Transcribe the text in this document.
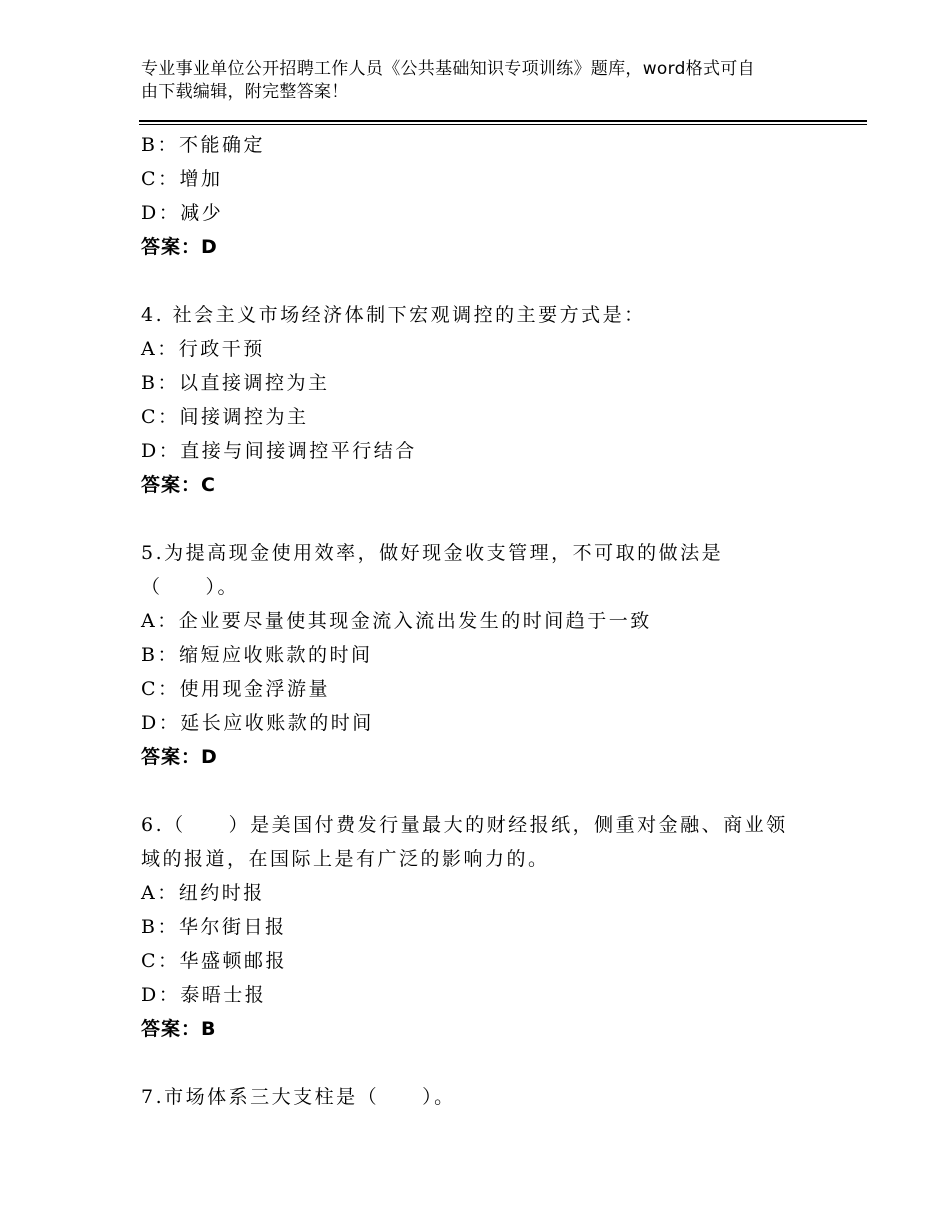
专业事业单位公开招聘工作人员《公共基础知识专项训练》题库，word格式可自
由下载编辑，附完整答案！
B：不能确定
C：增加
D：减少
答案：D
4. 社会主义市场经济体制下宏观调控的主要方式是：
A：行政干预
B：以直接调控为主
C：间接调控为主
D：直接与间接调控平行结合
答案：C
5.为提高现金使用效率，做好现金收支管理，不可取的做法是
（　　）。
A：企业要尽量使其现金流入流出发生的时间趋于一致
B：缩短应收账款的时间
C：使用现金浮游量
D：延长应收账款的时间
答案：D
6.（　　）是美国付费发行量最大的财经报纸，侧重对金融、商业领
域的报道，在国际上是有广泛的影响力的。
A：纽约时报
B：华尔街日报
C：华盛顿邮报
D：泰晤士报
答案：B
7.市场体系三大支柱是（　　）。
